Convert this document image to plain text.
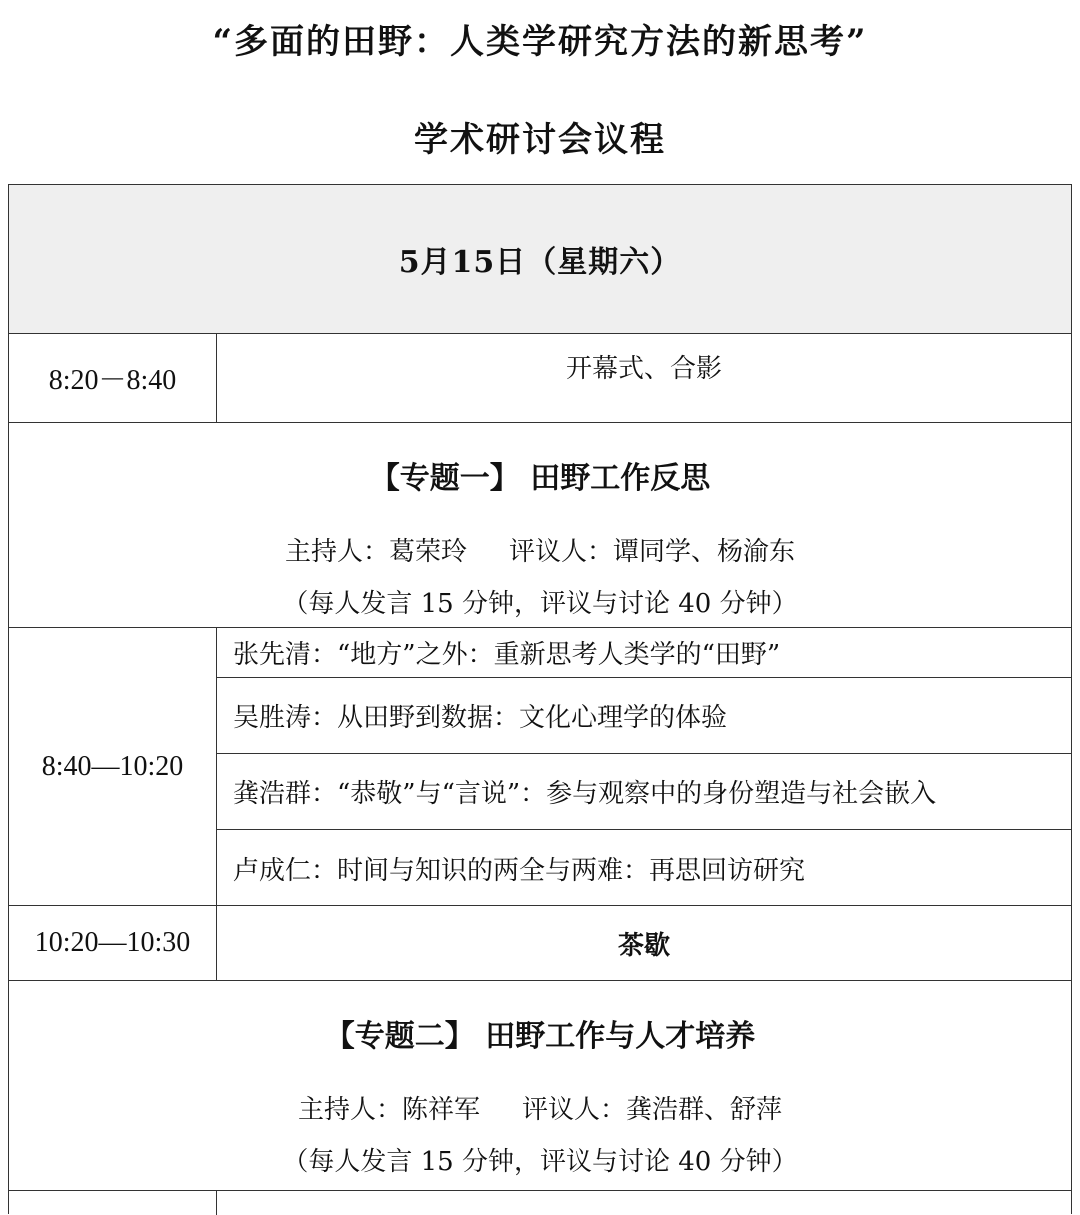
“多面的田野：人类学研究方法的新思考”
学术研讨会议程
5月15日（星期六）
8:20－8:40	开幕式、合影
【专题一】 田野工作反思
主持人：葛荣玲 评议人：谭同学、杨渝东
（每人发言 15 分钟，评议与讨论 40 分钟）
8:40—10:20
张先清：“地方”之外：重新思考人类学的“田野”
吴胜涛：从田野到数据：文化心理学的体验
龚浩群：“恭敬”与“言说”：参与观察中的身份塑造与社会嵌入
卢成仁：时间与知识的两全与两难：再思回访研究
10:20—10:30	茶歇
【专题二】 田野工作与人才培养
主持人：陈祥军 评议人：龚浩群、舒萍
（每人发言 15 分钟，评议与讨论 40 分钟）
